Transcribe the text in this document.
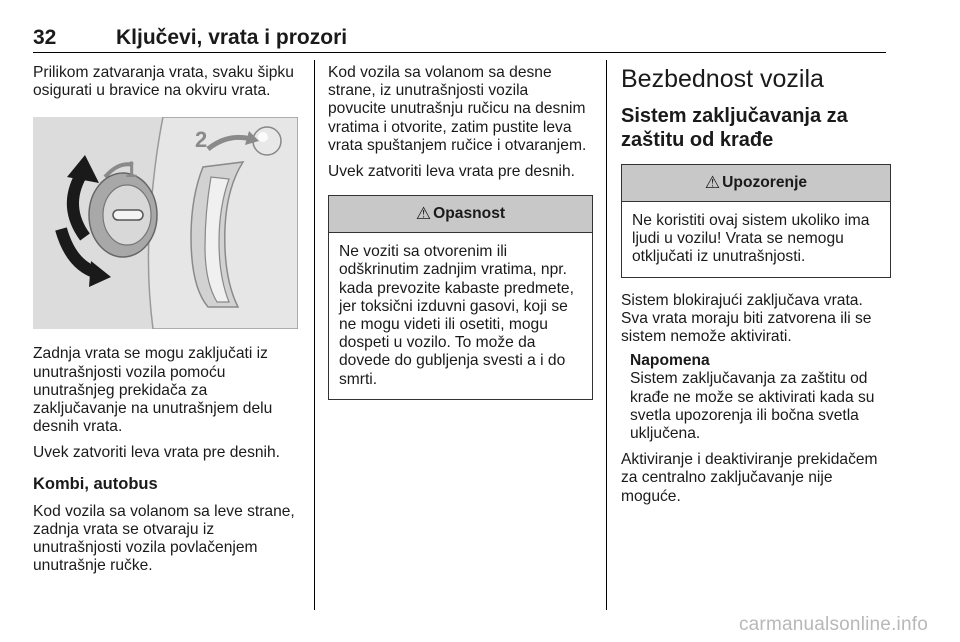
32	Ključevi, vrata i prozori

Prilikom zatvaranja vrata, svaku šipku
osigurati u bravice na okviru vrata.

1
2

Zadnja vrata se mogu zaključati iz
unutrašnjosti vozila pomoću
unutrašnjeg prekidača za
zaključavanje na unutrašnjem delu
desnih vrata.

Uvek zatvoriti leva vrata pre desnih.

Kombi, autobus

Kod vozila sa volanom sa leve strane,
zadnja vrata se otvaraju iz
unutrašnjosti vozila povlačenjem
unutrašnje ručke.

Kod vozila sa volanom sa desne
strane, iz unutrašnjosti vozila
povucite unutrašnju ručicu na desnim
vratima i otvorite, zatim pustite leva
vrata spuštanjem ručice i otvaranjem.

Uvek zatvoriti leva vrata pre desnih.

⚠ Opasnost
Ne voziti sa otvorenim ili
odškrinutim zadnjim vratima, npr.
kada prevozite kabaste predmete,
jer toksični izduvni gasovi, koji se
ne mogu videti ili osetiti, mogu
dospeti u vozilo. To može da
dovede do gubljenja svesti a i do
smrti.
Bezbednost vozila
Sistem zaključavanja za
zaštitu od krađe
⚠ Upozorenje
Ne koristiti ovaj sistem ukoliko ima
ljudi u vozilu! Vrata se nemogu
otključati iz unutrašnjosti.

Sistem blokirajući zaključava vrata.
Sva vrata moraju biti zatvorena ili se
sistem nemože aktivirati.

Napomena

Sistem zaključavanja za zaštitu od
krađe ne može se aktivirati kada su
svetla upozorenja ili bočna svetla
uključena.

Aktiviranje i deaktiviranje prekidačem
za centralno zaključavanje nije
moguće.

carmanualsonline.info
